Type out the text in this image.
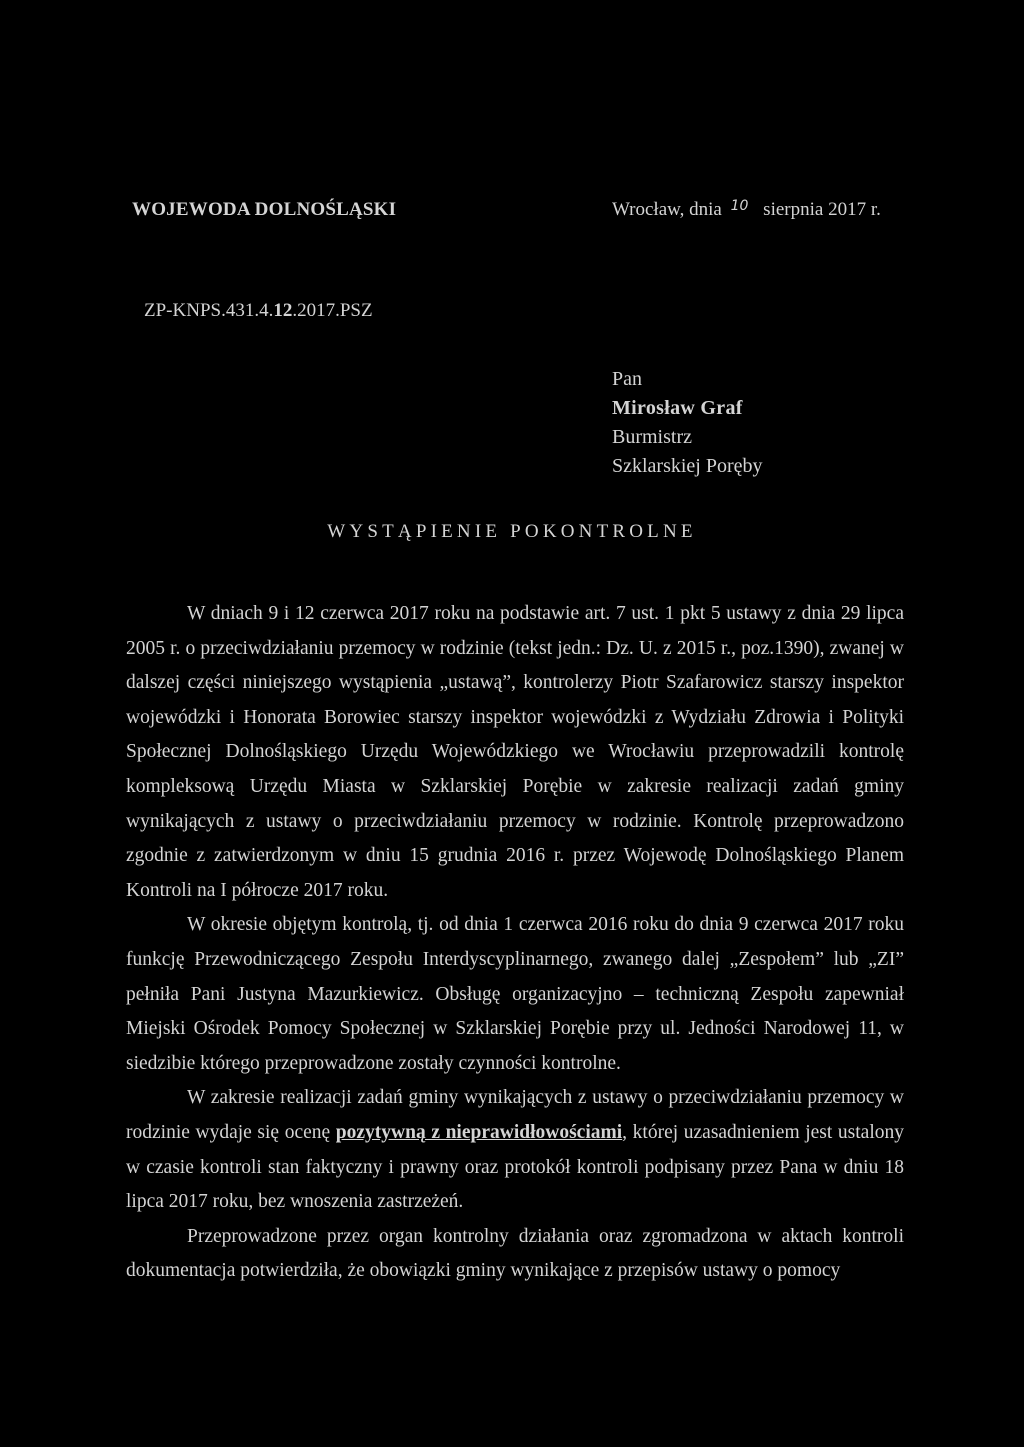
WOJEWODA DOLNOŚLĄSKI	Wrocław, dnia $^{10}$ sierpnia 2017 r.
ZP-KNPS.431.4.12.2017.PSZ
Pan
Mirosław Graf
Burmistrz
Szklarskiej Poręby
WYSTĄPIENIE POKONTROLNE

W dniach 9 i 12 czerwca 2017 roku na podstawie art. 7 ust. 1 pkt 5 ustawy z dnia 29 lipca 2005 r. o przeciwdziałaniu przemocy w rodzinie (tekst jedn.: Dz. U. z 2015 r., poz.1390), zwanej w dalszej części niniejszego wystąpienia „ustawą”, kontrolerzy Piotr Szafarowicz starszy inspektor wojewódzki i Honorata Borowiec starszy inspektor wojewódzki z Wydziału Zdrowia i Polityki Społecznej Dolnośląskiego Urzędu Wojewódzkiego we Wrocławiu przeprowadzili kontrolę kompleksową Urzędu Miasta w Szklarskiej Porębie w zakresie realizacji zadań gminy wynikających z ustawy o przeciwdziałaniu przemocy w rodzinie. Kontrolę przeprowadzono zgodnie z zatwierdzonym w dniu 15 grudnia 2016 r. przez Wojewodę Dolnośląskiego Planem Kontroli na I półrocze 2017 roku.

W okresie objętym kontrolą, tj. od dnia 1 czerwca 2016 roku do dnia 9 czerwca 2017 roku funkcję Przewodniczącego Zespołu Interdyscyplinarnego, zwanego dalej „Zespołem” lub „ZI” pełniła Pani Justyna Mazurkiewicz. Obsługę organizacyjno – techniczną Zespołu zapewniał Miejski Ośrodek Pomocy Społecznej w Szklarskiej Porębie przy ul. Jedności Narodowej 11, w siedzibie którego przeprowadzone zostały czynności kontrolne.

W zakresie realizacji zadań gminy wynikających z ustawy o przeciwdziałaniu przemocy w rodzinie wydaje się ocenę pozytywną z nieprawidłowościami, której uzasadnieniem jest ustalony w czasie kontroli stan faktyczny i prawny oraz protokół kontroli podpisany przez Pana w dniu 18 lipca 2017 roku, bez wnoszenia zastrzeżeń.

Przeprowadzone przez organ kontrolny działania oraz zgromadzona w aktach kontroli dokumentacja potwierdziła, że obowiązki gminy wynikające z przepisów ustawy o pomocy
